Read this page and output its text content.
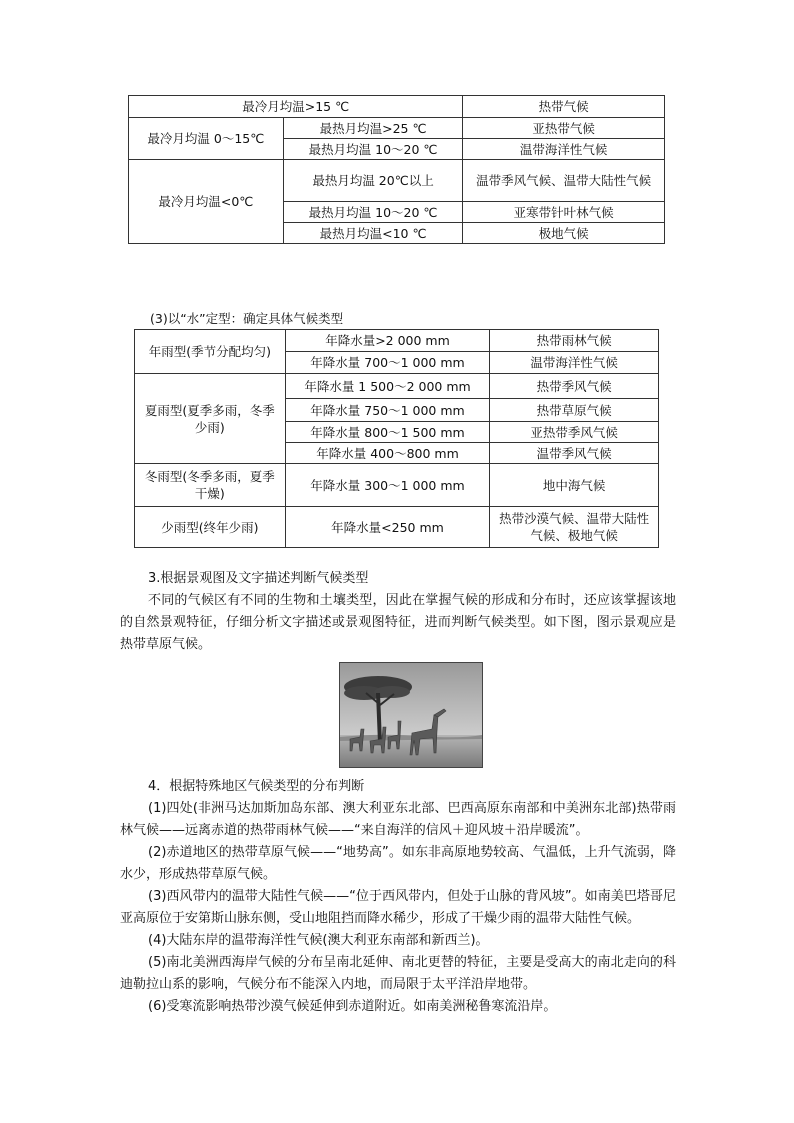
最冷月均温>15 ℃		热带气候
最冷月均温 0～15℃	最热月均温>25 ℃	亚热带气候
	最热月均温 10～20 ℃	温带海洋性气候
最冷月均温<0℃	最热月均温 20℃以上	温带季风气候、温带大陆性气候
	最热月均温 10～20 ℃	亚寒带针叶林气候
	最热月均温<10 ℃	极地气候
(3)以“水”定型：确定具体气候类型
年雨型(季节分配均匀)	年降水量>2 000 mm	热带雨林气候
	年降水量 700～1 000 mm	温带海洋性气候
夏雨型(夏季多雨，冬季少雨)	年降水量 1 500～2 000 mm	热带季风气候
	年降水量 750～1 000 mm	热带草原气候
	年降水量 800～1 500 mm	亚热带季风气候
	年降水量 400～800 mm	温带季风气候
冬雨型(冬季多雨，夏季干燥)	年降水量 300～1 000 mm	地中海气候
少雨型(终年少雨)	年降水量<250 mm	热带沙漠气候、温带大陆性气候、极地气候

3.根据景观图及文字描述判断气候类型

不同的气候区有不同的生物和土壤类型，因此在掌握气候的形成和分布时，还应该掌握该地的自然景观特征，仔细分析文字描述或景观图特征，进而判断气候类型。如下图，图示景观应是热带草原气候。

4．根据特殊地区气候类型的分布判断

(1)四处(非洲马达加斯加岛东部、澳大利亚东北部、巴西高原东南部和中美洲东北部)热带雨林气候——远离赤道的热带雨林气候——“来自海洋的信风＋迎风坡＋沿岸暖流”。

(2)赤道地区的热带草原气候——“地势高”。如东非高原地势较高、气温低，上升气流弱，降水少，形成热带草原气候。

(3)西风带内的温带大陆性气候——“位于西风带内，但处于山脉的背风坡”。如南美巴塔哥尼亚高原位于安第斯山脉东侧，受山地阻挡而降水稀少，形成了干燥少雨的温带大陆性气候。

(4)大陆东岸的温带海洋性气候(澳大利亚东南部和新西兰)。

(5)南北美洲西海岸气候的分布呈南北延伸、南北更替的特征，主要是受高大的南北走向的科迪勒拉山系的影响，气候分布不能深入内地，而局限于太平洋沿岸地带。

(6)受寒流影响热带沙漠气候延伸到赤道附近。如南美洲秘鲁寒流沿岸。
